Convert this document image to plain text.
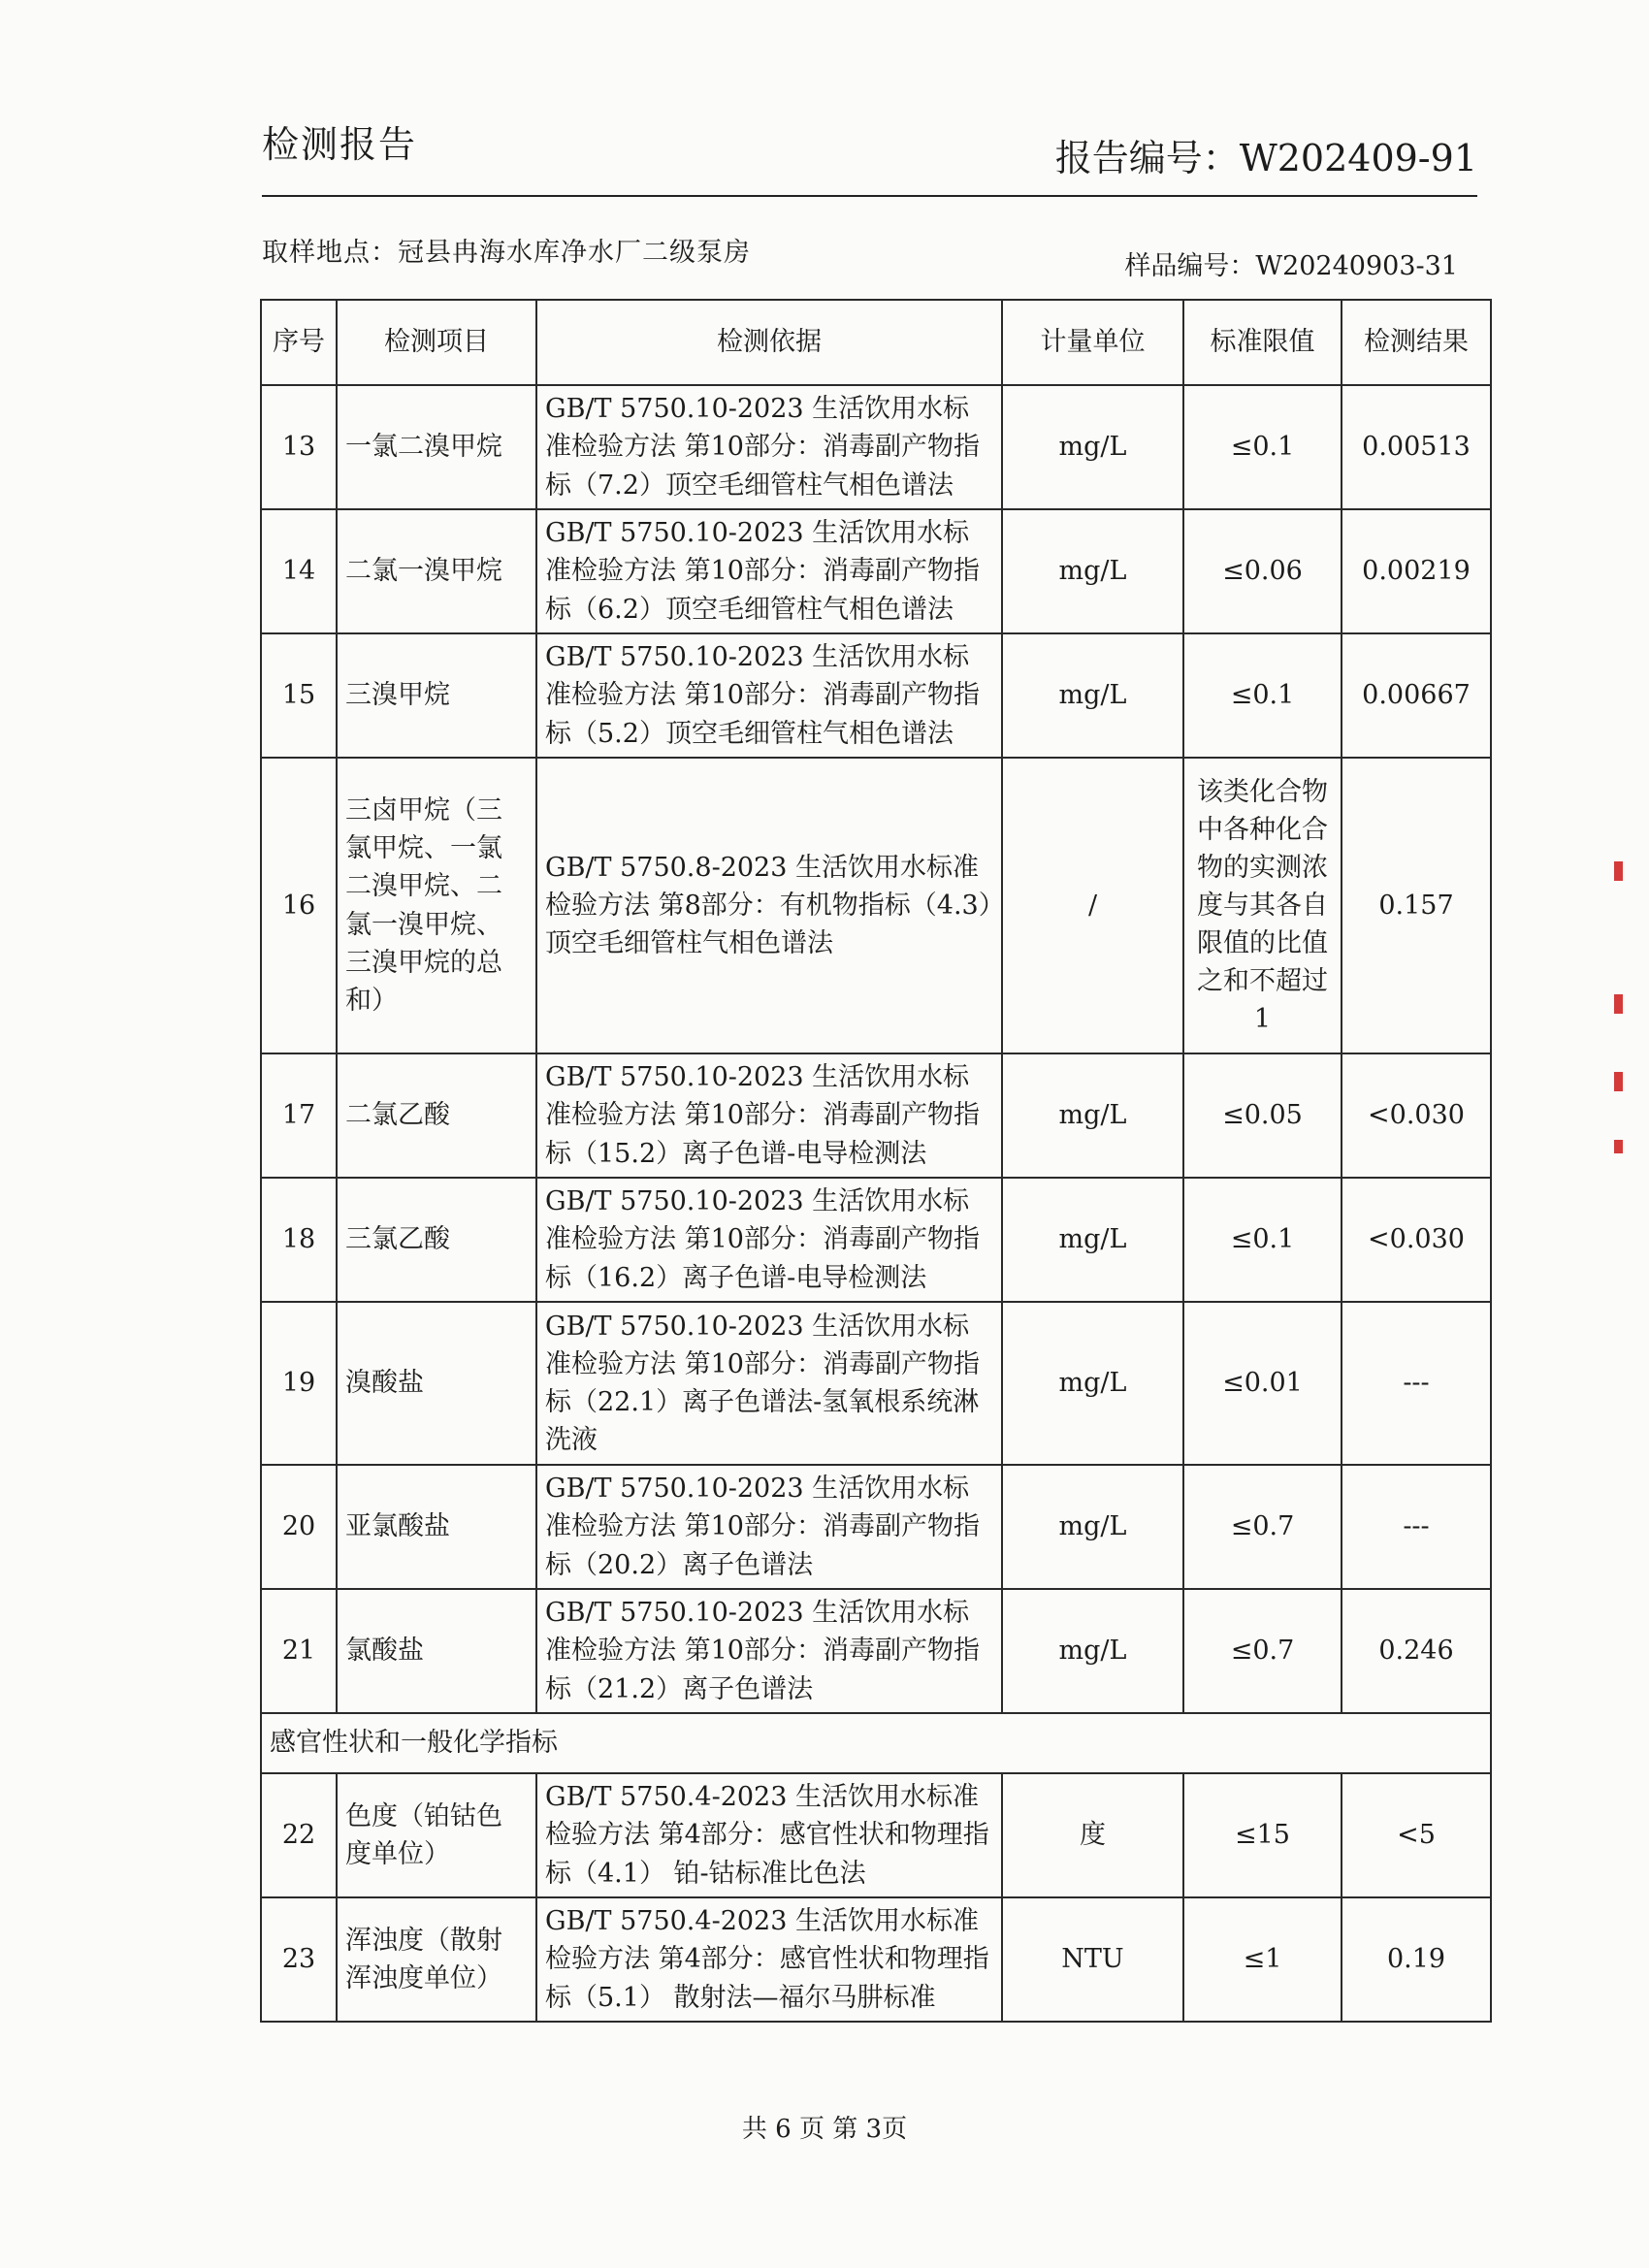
检测报告	报告编号：W202409-91
取样地点：冠县冉海水库净水厂二级泵房	样品编号：W20240903-31
序号	检测项目	检测依据	计量单位	标准限值	检测结果
13	一氯二溴甲烷	GB/T 5750.10-2023 生活饮用水标准检验方法 第10部分：消毒副产物指标（7.2）顶空毛细管柱气相色谱法	mg/L	≤0.1	0.00513
14	二氯一溴甲烷	GB/T 5750.10-2023 生活饮用水标准检验方法 第10部分：消毒副产物指标（6.2）顶空毛细管柱气相色谱法	mg/L	≤0.06	0.00219
15	三溴甲烷	GB/T 5750.10-2023 生活饮用水标准检验方法 第10部分：消毒副产物指标（5.2）顶空毛细管柱气相色谱法	mg/L	≤0.1	0.00667
16	三卤甲烷（三氯甲烷、一氯二溴甲烷、二氯一溴甲烷、三溴甲烷的总和）	GB/T 5750.8-2023 生活饮用水标准检验方法 第8部分：有机物指标（4.3）顶空毛细管柱气相色谱法	/	该类化合物中各种化合物的实测浓度与其各自限值的比值之和不超过1	0.157
17	二氯乙酸	GB/T 5750.10-2023 生活饮用水标准检验方法 第10部分：消毒副产物指标（15.2）离子色谱-电导检测法	mg/L	≤0.05	<0.030
18	三氯乙酸	GB/T 5750.10-2023 生活饮用水标准检验方法 第10部分：消毒副产物指标（16.2）离子色谱-电导检测法	mg/L	≤0.1	<0.030
19	溴酸盐	GB/T 5750.10-2023 生活饮用水标准检验方法 第10部分：消毒副产物指标（22.1）离子色谱法-氢氧根系统淋洗液	mg/L	≤0.01	---
20	亚氯酸盐	GB/T 5750.10-2023 生活饮用水标准检验方法 第10部分：消毒副产物指标（20.2）离子色谱法	mg/L	≤0.7	---
21	氯酸盐	GB/T 5750.10-2023 生活饮用水标准检验方法 第10部分：消毒副产物指标（21.2）离子色谱法	mg/L	≤0.7	0.246
感官性状和一般化学指标					
22	色度（铂钴色度单位）	GB/T 5750.4-2023 生活饮用水标准检验方法 第4部分：感官性状和物理指标（4.1） 铂-钴标准比色法	度	≤15	<5
23	浑浊度（散射浑浊度单位）	GB/T 5750.4-2023 生活饮用水标准检验方法 第4部分：感官性状和物理指标（5.1） 散射法—福尔马肼标准	NTU	≤1	0.19
共 6 页 第 3页
